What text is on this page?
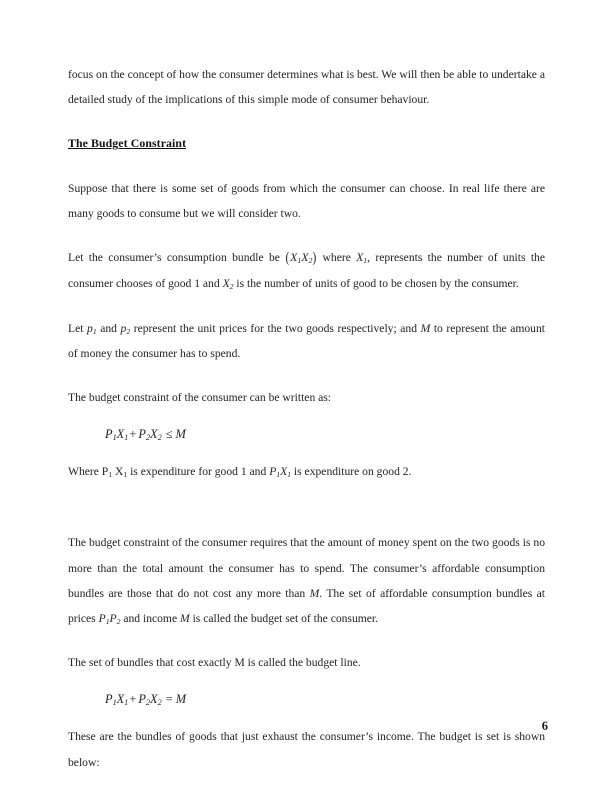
focus on the concept of how the consumer determines what is best. We will then be able to undertake a detailed study of the implications of this simple mode of consumer behaviour.

The Budget Constraint

Suppose that there is some set of goods from which the consumer can choose. In real life there are many goods to consume but we will consider two.

Let the consumer’s consumption bundle be $(X_1X_2)$ where $X_1$, represents the number of units the consumer chooses of good 1 and $X_2$ is the number of units of good to be chosen by the consumer.

Let $p_1$ and $p_2$ represent the unit prices for the two goods respectively; and M to represent the amount of money the consumer has to spend.

The budget constraint of the consumer can be written as:

$P_1X_1+ P_2X_2 \le M$

Where $P_1$ $X_1$ is expenditure for good 1 and $P_1X_1$ is expenditure on good 2.

The budget constraint of the consumer requires that the amount of money spent on the two goods is no more than the total amount the consumer has to spend. The consumer’s affordable consumption bundles are those that do not cost any more than M. The set of affordable consumption bundles at prices $P_1P_2$ and income M is called the budget set of the consumer.

The set of bundles that cost exactly M is called the budget line.

$P_1X_1+ P_2X_2 = M$

These are the bundles of goods that just exhaust the consumer’s income. The budget is set is shown below:

6
